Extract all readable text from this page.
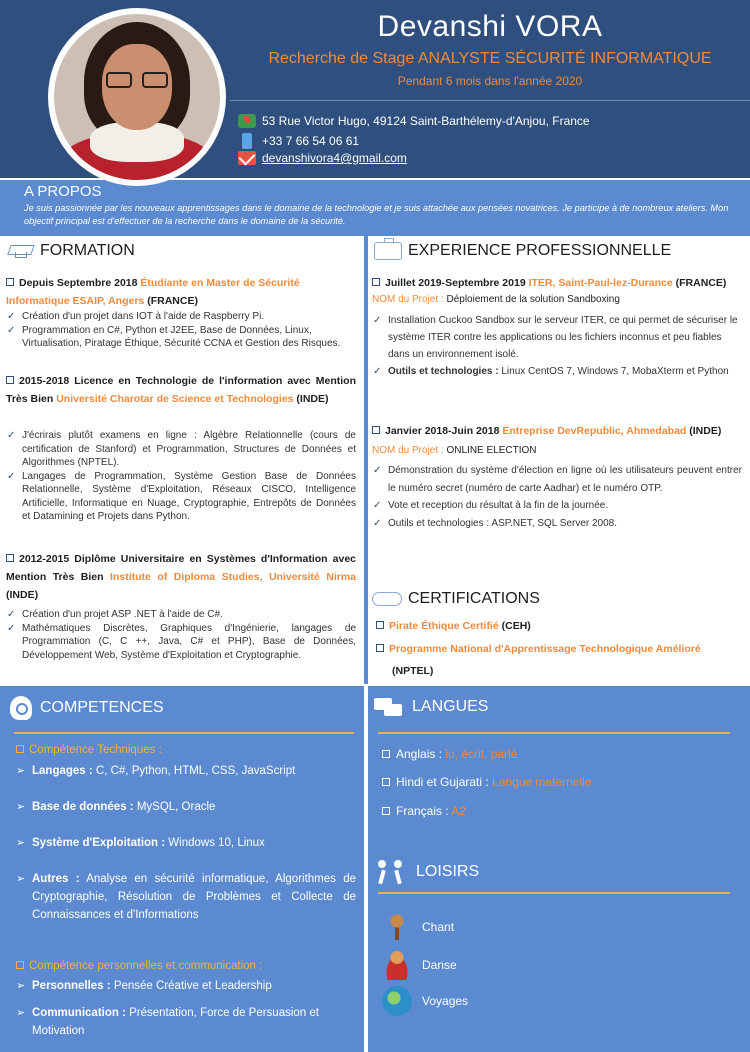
Devanshi VORA
Recherche de Stage ANALYSTE SÉCURITÉ INFORMATIQUE
Pendant 6 mois dans l'année 2020
53 Rue Victor Hugo, 49124 Saint-Barthélemy-d'Anjou, France
+33 7 66 54 06 61
devanshivora4@gmail.com
A PROPOS
Je suis passionnée par les nouveaux apprentissages dans le domaine de la technologie et je suis attachée aux pensées novatrices. Je participe à de nombreux ateliers. Mon objectif principal est d'effectuer de la recherche dans le domaine de la sécurité.
FORMATION
Depuis Septembre 2018 Étudiante en Master de Sécurité Informatique ESAIP, Angers (FRANCE)
✓ Création d'un projet dans IOT à l'aide de Raspberry Pi.
✓ Programmation en C#, Python et J2EE, Base de Données, Linux, Virtualisation, Piratage Éthique, Sécurité CCNA et Gestion des Risques.
2015-2018 Licence en Technologie de l'information avec Mention Très Bien Université Charotar de Science et Technologies (INDE)
✓ J'écrirais plutôt examens en ligne : Algèbre Relationnelle (cours de certification de Stanford) et Programmation, Structures de Données et Algorithmes (NPTEL).
✓ Langages de Programmation, Système Gestion Base de Données Relationnelle, Système d'Exploitation, Réseaux CISCO, Intelligence Artificielle, Informatique en Nuage, Cryptographie, Entrepôts de Données et Datamining et Projets dans Python.
2012-2015 Diplôme Universitaire en Systèmes d'Information avec Mention Très Bien Institute of Diploma Studies, Université Nirma (INDE)
✓ Création d'un projet ASP .NET à l'aide de C#.
✓ Mathématiques Discrètes, Graphiques d'Ingénierie, langages de Programmation (C, C ++, Java, C# et PHP), Base de Données, Développement Web, Système d'Exploitation et Cryptographie.
EXPERIENCE PROFESSIONNELLE
Juillet 2019-Septembre 2019 ITER, Saint-Paul-lez-Durance (FRANCE)
NOM du Projet : Déploiement de la solution Sandboxing
✓ Installation Cuckoo Sandbox sur le serveur ITER, ce qui permet de sécuriser le système ITER contre les applications ou les fichiers inconnus et peu fiables dans un environnement isolé.
✓ Outils et technologies : Linux CentOS 7, Windows 7, MobaXterm et Python
Janvier 2018-Juin 2018 Entreprise DevRepublic, Ahmedabad (INDE)
NOM du Projet : ONLINE ELECTION
✓ Démonstration du système d'élection en ligne où les utilisateurs peuvent entrer le numéro secret (numéro de carte Aadhar) et le numéro OTP.
✓ Vote et reception du résultat à la fin de la journée.
✓ Outils et technologies : ASP.NET, SQL Server 2008.
CERTIFICATIONS
Pirate Éthique Certifié (CEH)
Programme National d'Apprentissage Technologique Amélioré
(NPTEL)
COMPETENCES
Compétence Techniques :
➢ Langages : C, C#, Python, HTML, CSS, JavaScript
➢ Base de données : MySQL, Oracle
➢ Système d'Exploitation : Windows 10, Linux
➢ Autres : Analyse en sécurité informatique, Algorithmes de Cryptographie, Résolution de Problèmes et Collecte de Connaissances et d'Informations
Compétence personnelles et communication :
➢ Personnelles : Pensée Créative et Leadership
➢ Communication : Présentation, Force de Persuasion et Motivation
LANGUES
Anglais : lu, écrit, parlé
Hindi et Gujarati : Langue maternelle
Français : A2
LOISIRS
Chant
Danse
Voyages
